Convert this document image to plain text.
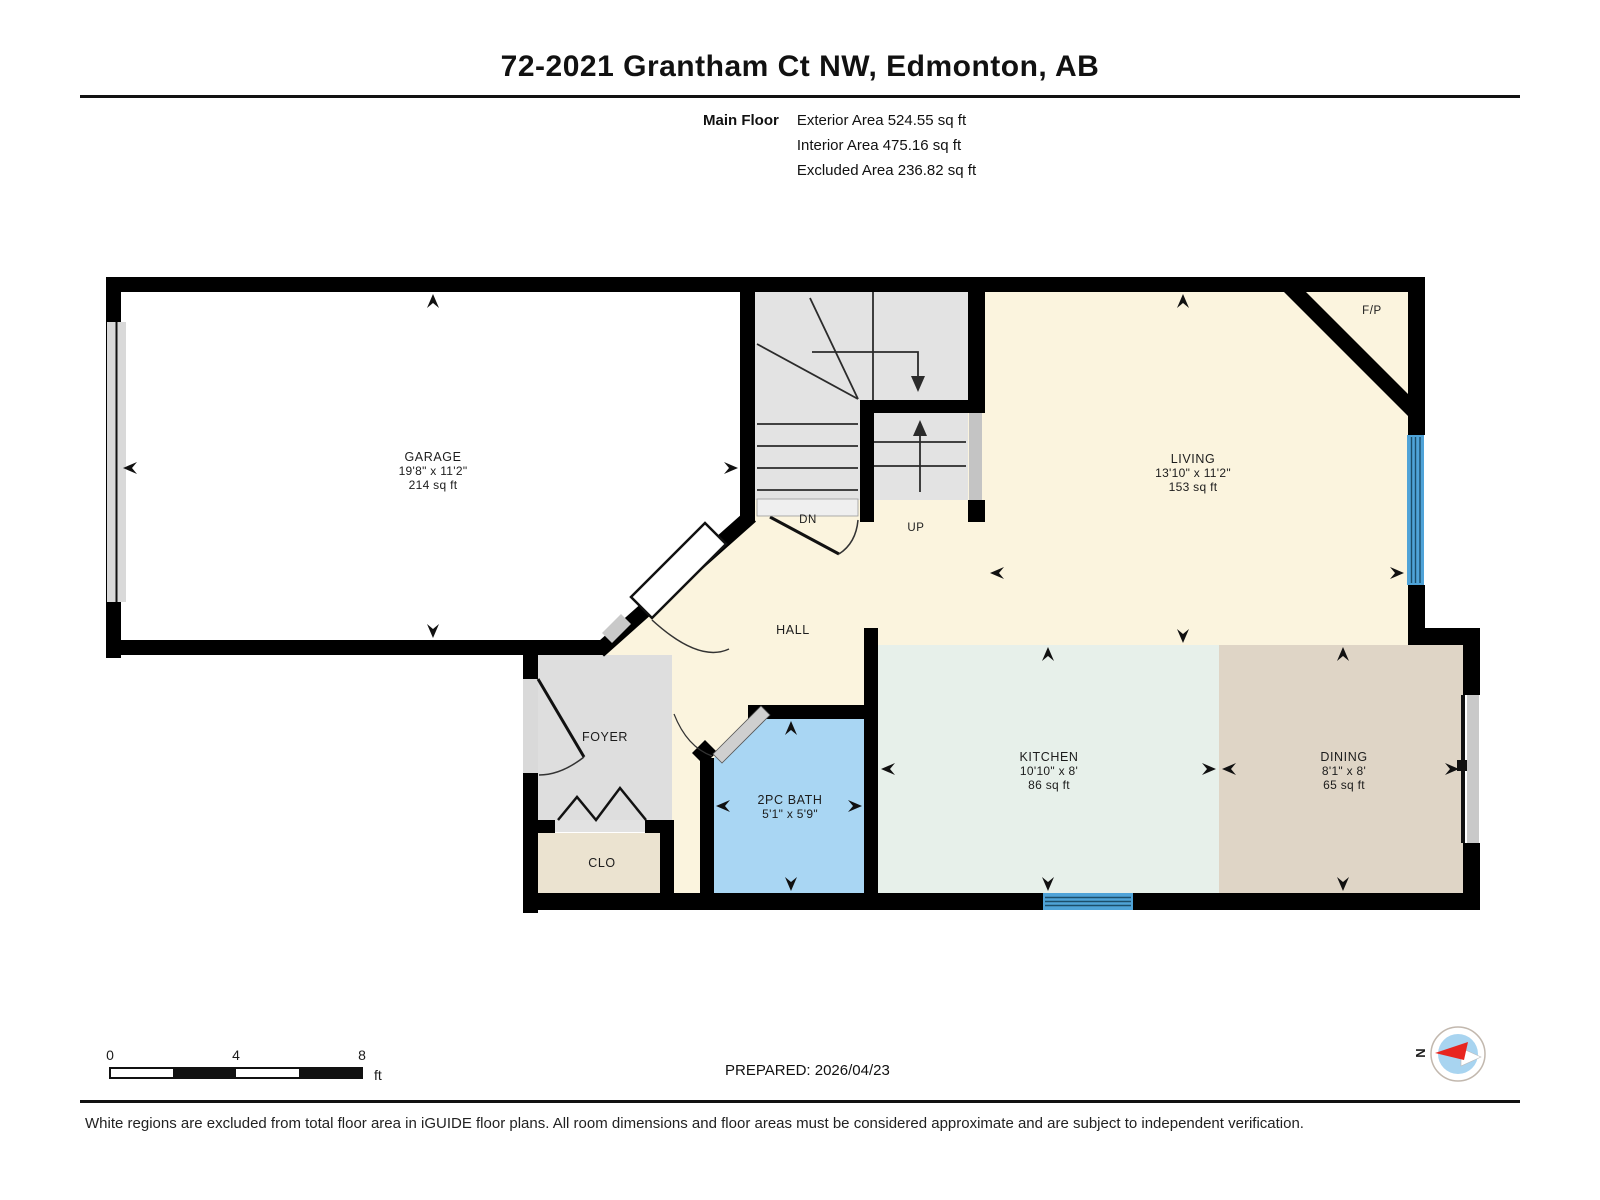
72-2021 Grantham Ct NW, Edmonton, AB
Main Floor Exterior Area 524.55 sq ft
Interior Area 475.16 sq ft
Excluded Area 236.82 sq ft
GARAGE
19'8" x 11'2"
214 sq ft
LIVING
13'10" x 11'2"
153 sq ft
KITCHEN
10'10" x 8'
86 sq ft
DINING
8'1" x 8'
65 sq ft
2PC BATH
5'1" x 5'9"
HALL
FOYER
CLO
F/P
DN
UP
0	4	8
ft
N
PREPARED: 2026/04/23
White regions are excluded from total floor area in iGUIDE floor plans. All room dimensions and floor areas must be considered approximate and are subject to independent verification.
